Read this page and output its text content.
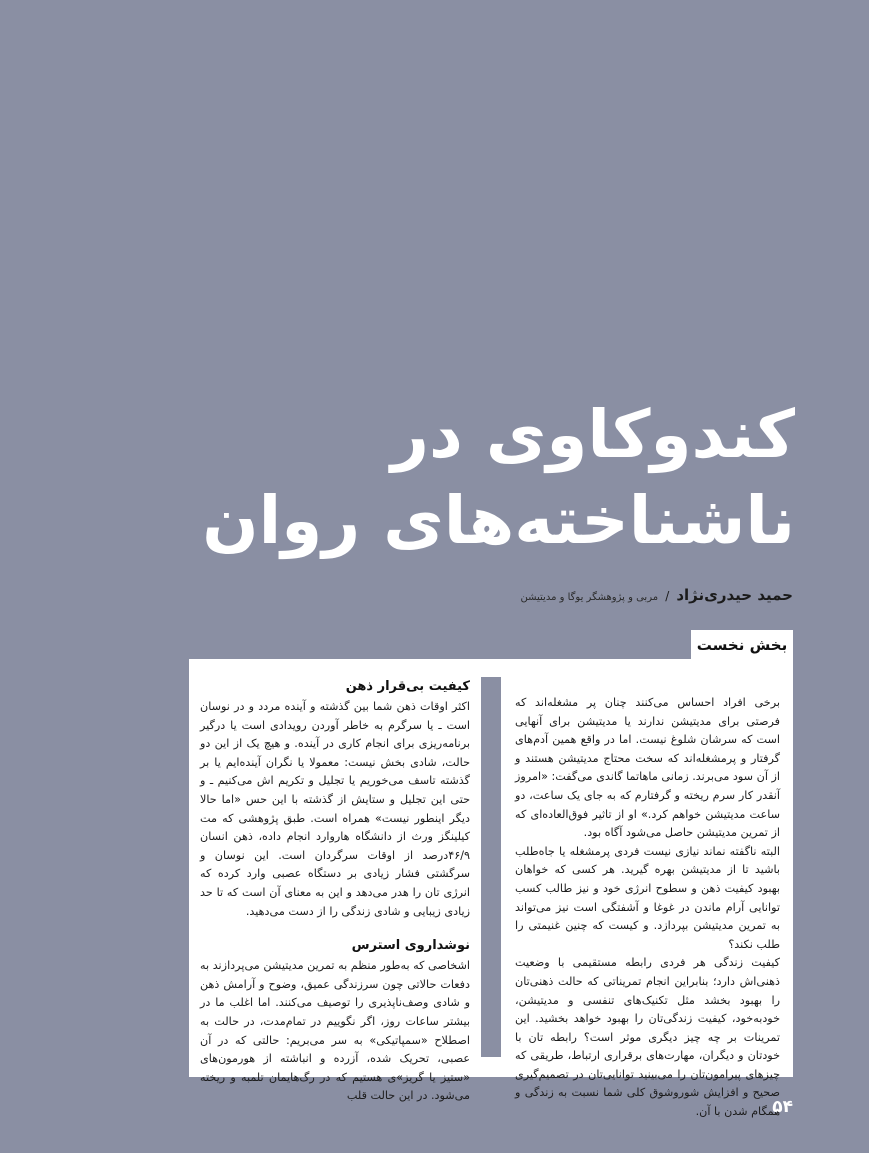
کندوکاوی در
ناشناخته‌های روان
حمید حیدری‌نژاد / مربی و پژوهشگر یوگا و مدیتیشن
بخش نخست

برخی افراد احساس می‌کنند چنان پر مشغله‌اند که فرصتی برای مدیتیشن ندارند یا مدیتیشن برای آنهایی است که سرشان شلوغ نیست. اما در واقع همین آدم‌های گرفتار و پرمشغله‌اند که سخت محتاج مدیتیشن هستند و از آن سود می‌برند. زمانی ماهاتما گاندی می‌گفت: «امروز آنقدر کار سرم ریخته و گرفتارم که به جای یک ساعت، دو ساعت مدیتیشن خواهم کرد.» او از تاثیر فوق‌العاده‌ای که از تمرین مدیتیشن حاصل می‌شود آگاه بود.

البته ناگفته نماند نیازی نیست فردی پرمشغله یا جاه‌طلب باشید تا از مدیتیشن بهره گیرید. هر کسی که خواهان بهبود کیفیت ذهن و سطوح انرژی خود و نیز طالب کسب توانایی آرام ماندن در غوغا و آشفتگی است نیز می‌تواند به تمرین مدیتیشن بپردازد. و کیست که چنین غنیمتی را طلب نکند؟

کیفیت زندگی هر فردی رابطه مستقیمی با وضعیت ذهنی‌اش دارد؛ بنابراین انجام تمریناتی که حالت ذهنی‌تان را بهبود بخشد مثل تکنیک‌های تنفسی و مدیتیشن، خودبه‌خود، کیفیت زندگی‌تان را بهبود خواهد بخشید. این تمرینات بر چه چیز دیگری موثر است؟ رابطه تان با خودتان و دیگران، مهارت‌های برقراری ارتباط، طریقی که چیزهای پیرامون‌تان را می‌بینید توانایی‌تان در تصمیم‌گیری صحیح و افزایش شوروشوق کلی شما نسبت به زندگی و همگام شدن با آن.

کیفیت بی‌قرار ذهن

اکثر اوقات ذهن شما بین گذشته و آینده مردد و در نوسان است ـ یا سرگرم به خاطر آوردن رویدادی است یا درگیر برنامه‌ریزی برای انجام کاری در آینده. و هیچ یک از این دو حالت، شادی بخش نیست: معمولا یا نگران آینده‌ایم یا بر گذشته تاسف می‌خوریم یا تجلیل و تکریم اش می‌کنیم ـ و حتی این تجلیل و ستایش از گذشته با این حس «اما حالا دیگر اینطور نیست» همراه است. طبق پژوهشی که مت کیلینگز ورث از دانشگاه هاروارد انجام داده، ذهن انسان ۴۶/۹درصد از اوقات سرگردان است. این نوسان و سرگشتی فشار زیادی بر دستگاه عصبی وارد کرده که انرژی تان را هدر می‌دهد و این به معنای آن است که تا حد زیادی زیبایی و شادی زندگی را از دست می‌دهید.

نوشداروی استرس

اشخاصی که به‌طور منظم به تمرین مدیتیشن می‌پردازند به دفعات حالاتی چون سرزندگی عمیق، وضوح و آرامش ذهن و شادی وصف‌ناپذیری را توصیف می‌کنند. اما اغلب ما در بیشتر ساعات روز، اگر نگوییم در تمام‌مدت، در حالت به اصطلاح «سمپاتیکی» به سر می‌بریم: حالتی که در آن عصبی، تحریک شده، آزرده و انباشته از هورمون‌های «ستیز یا گریز»ی هستیم که در رگ‌هایمان تلمبه و ریخته می‌شود. در این حالت قلب

۵۴
